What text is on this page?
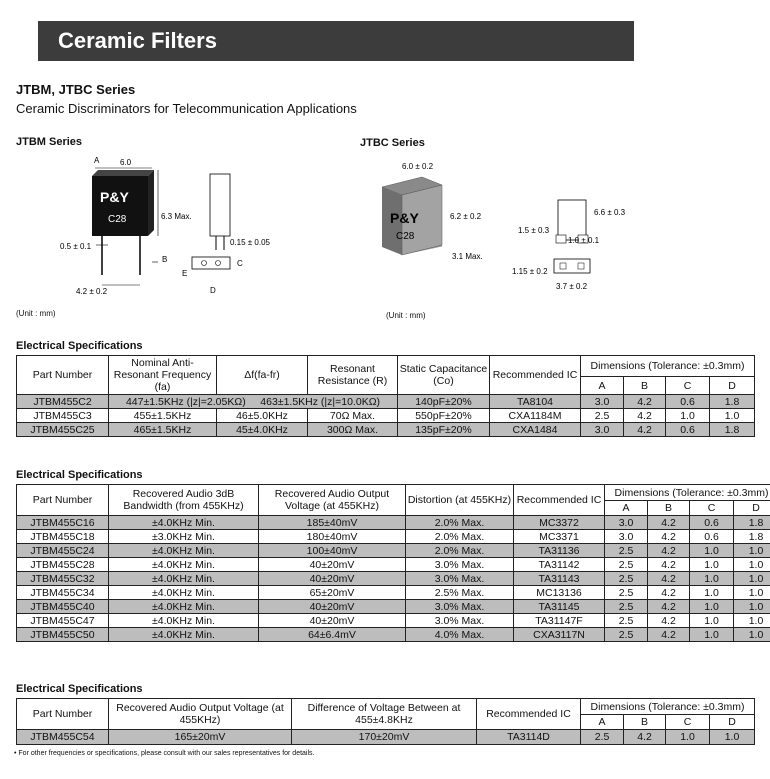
Ceramic Filters
JTBM, JTBC Series
Ceramic Discriminators for Telecommunication Applications
JTBM Series	JTBC Series
6.0
A
P&Y
C28	6.3 Max.
0.5 ± 0.1
4.2 ± 0.2
B
0.15 ± 0.05
C
E
D
(Unit : mm)
6.0 ± 0.2
P&Y
C28
6.2 ± 0.2
3.1 Max.
6.6 ± 0.3
1.5 ± 0.3
1.0 ± 0.1
1.15 ± 0.2
3.7 ± 0.2
(Unit : mm)
Electrical Specifications
Part Number	Nominal Anti-Resonant Frequency (fa)	Δf(fa-fr)	Resonant Resistance (R)	Static Capacitance (Co)	Recommended IC	Dimensions (Tolerance: ±0.3mm)			
						A	B	C	D
JTBM455C2	447±1.5KHz (|z|=2.05KΩ)     463±1.5KHz (|z|=10.0KΩ)			140pF±20%	TA8104	3.0	4.2	0.6	1.8
JTBM455C3	455±1.5KHz	46±5.0KHz	70Ω Max.	550pF±20%	CXA1184M	2.5	4.2	1.0	1.0
JTBM455C25	465±1.5KHz	45±4.0KHz	300Ω Max.	135pF±20%	CXA1484	3.0	4.2	0.6	1.8
Electrical Specifications
Part Number	Recovered Audio 3dB Bandwidth (from 455KHz)	Recovered Audio Output Voltage (at 455KHz)	Distortion (at 455KHz)	Recommended IC	Dimensions (Tolerance: ±0.3mm)			
					A	B	C	D
JTBM455C16	±4.0KHz Min.	185±40mV	2.0% Max.	MC3372	3.0	4.2	0.6	1.8
JTBM455C18	±3.0KHz Min.	180±40mV	2.0% Max.	MC3371	3.0	4.2	0.6	1.8
JTBM455C24	±4.0KHz Min.	100±40mV	2.0% Max.	TA31136	2.5	4.2	1.0	1.0
JTBM455C28	±4.0KHz Min.	40±20mV	3.0% Max.	TA31142	2.5	4.2	1.0	1.0
JTBM455C32	±4.0KHz Min.	40±20mV	3.0% Max.	TA31143	2.5	4.2	1.0	1.0
JTBM455C34	±4.0KHz Min.	65±20mV	2.5% Max.	MC13136	2.5	4.2	1.0	1.0
JTBM455C40	±4.0KHz Min.	40±20mV	3.0% Max.	TA31145	2.5	4.2	1.0	1.0
JTBM455C47	±4.0KHz Min.	40±20mV	3.0% Max.	TA31147F	2.5	4.2	1.0	1.0
JTBM455C50	±4.0KHz Min.	64±6.4mV	4.0% Max.	CXA3117N	2.5	4.2	1.0	1.0
Electrical Specifications
Part Number	Recovered Audio Output Voltage (at 455KHz)	Difference of Voltage Between at 455±4.8KHz	Recommended IC	Dimensions (Tolerance: ±0.3mm)			
				A	B	C	D
JTBM455C54	165±20mV	170±20mV	TA3114D	2.5	4.2	1.0	1.0
• For other frequencies or specifications, please consult with our sales representatives for details.
